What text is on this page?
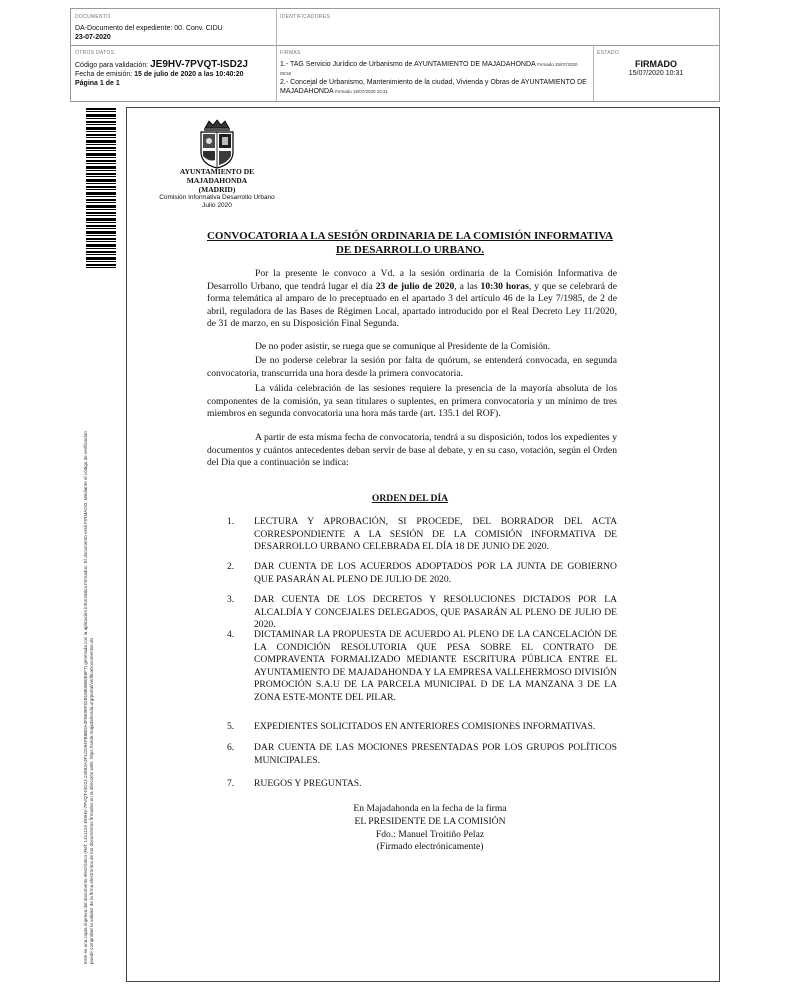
DOCUMENTO
DA-Documento del expediente: 00. Conv. CIDU
23-07-2020
IDENTIFICADORES
OTROS DATOS
Código para validación: JE9HV-7PVQT-ISD2J
Fecha de emisión: 15 de julio de 2020 a las 10:40:20
Página 1 de 1
FIRMAS
1.- TAG Servicio Jurídico de Urbanismo de AYUNTAMIENTO DE MAJADAHONDA Firmado 15/07/2020 09:50
2.- Concejal de Urbanismo, Mantenimiento de la ciudad, Vivienda y Obras de AYUNTAMIENTO DE MAJADAHONDA Firmado 15/07/2020 10:31
ESTADO
FIRMADO
15/07/2020 10:31
Este es una copia impresa del documento electrónico (Ref: 1411124 JE9HV-7PVQT-ISD2J 14E82A3F1CD94FB8BDA4F8E08F52B1680BB0E8F7) generada con la aplicación informática Firmadoc. El documento está FIRMADO. Mediante el código de verificación puede comprobar la validez de la firma electrónica de los documentos firmados en la dirección web: https://sede.majadahonda.org/portal/verificaDocumentos.do
AYUNTAMIENTO DE
MAJADAHONDA
(MADRID)
Comisión Informativa Desarrollo Urbano
Julio 2020
CONVOCATORIA A LA SESIÓN ORDINARIA DE LA COMISIÓN INFORMATIVA
DE DESARROLLO URBANO.

Por la presente le convoco a Vd. a la sesión ordinaria de la Comisión Informativa de Desarrollo Urbano, que tendrá lugar el día 23 de julio de 2020, a las 10:30 horas, y que se celebrará de forma telemática al amparo de lo preceptuado en el apartado 3 del artículo 46 de la Ley 7/1985, de 2 de abril, reguladora de las Bases de Régimen Local, apartado introducido por el Real Decreto Ley 11/2020, de 31 de marzo, en su Disposición Final Segunda.

De no poder asistir, se ruega que se comunique al Presidente de la Comisión.

De no poderse celebrar la sesión por falta de quórum, se entenderá convocada, en segunda convocatoria, transcurrida una hora desde la primera convocatoria.

La válida celebración de las sesiones requiere la presencia de la mayoría absoluta de los componentes de la comisión, ya sean titulares o suplentes, en primera convocatoria y un mínimo de tres miembros en segunda convocatoria una hora más tarde (art. 135.1 del ROF).

A partir de esta misma fecha de convocatoria, tendrá a su disposición, todos los expedientes y documentos y cuántos antecedentes deban servir de base al debate, y en su caso, votación, según el Orden del Día que a continuación se indica:

ORDEN DEL DÍA
1. LECTURA Y APROBACIÓN, SI PROCEDE, DEL BORRADOR DEL ACTA CORRESPONDIENTE A LA SESIÓN DE LA COMISIÓN INFORMATIVA DE DESARROLLO URBANO CELEBRADA EL DÍA 18 DE JUNIO DE 2020.
2. DAR CUENTA DE LOS ACUERDOS ADOPTADOS POR LA JUNTA DE GOBIERNO QUE PASARÁN AL PLENO DE JULIO DE 2020.
3. DAR CUENTA DE LOS DECRETOS Y RESOLUCIONES DICTADOS POR LA ALCALDÍA Y CONCEJALES DELEGADOS, QUE PASARÁN AL PLENO DE JULIO DE 2020.
4. DICTAMINAR LA PROPUESTA DE ACUERDO AL PLENO DE LA CANCELACIÓN DE LA CONDICIÓN RESOLUTORIA QUE PESA SOBRE EL CONTRATO DE COMPRAVENTA FORMALIZADO MEDIANTE ESCRITURA PÚBLICA ENTRE EL AYUNTAMIENTO DE MAJADAHONDA Y LA EMPRESA VALLEHERMOSO DIVISIÓN PROMOCIÓN S.A.U DE LA PARCELA MUNICIPAL D DE LA MANZANA 3 DE LA ZONA ESTE-MONTE DEL PILAR.
5. EXPEDIENTES SOLICITADOS EN ANTERIORES COMISIONES INFORMATIVAS.
6. DAR CUENTA DE LAS MOCIONES PRESENTADAS POR LOS GRUPOS POLÍTICOS MUNICIPALES.
7. RUEGOS Y PREGUNTAS.
En Majadahonda en la fecha de la firma
EL PRESIDENTE DE LA COMISIÓN
Fdo.: Manuel Troitiño Pelaz
(Firmado electrónicamente)
